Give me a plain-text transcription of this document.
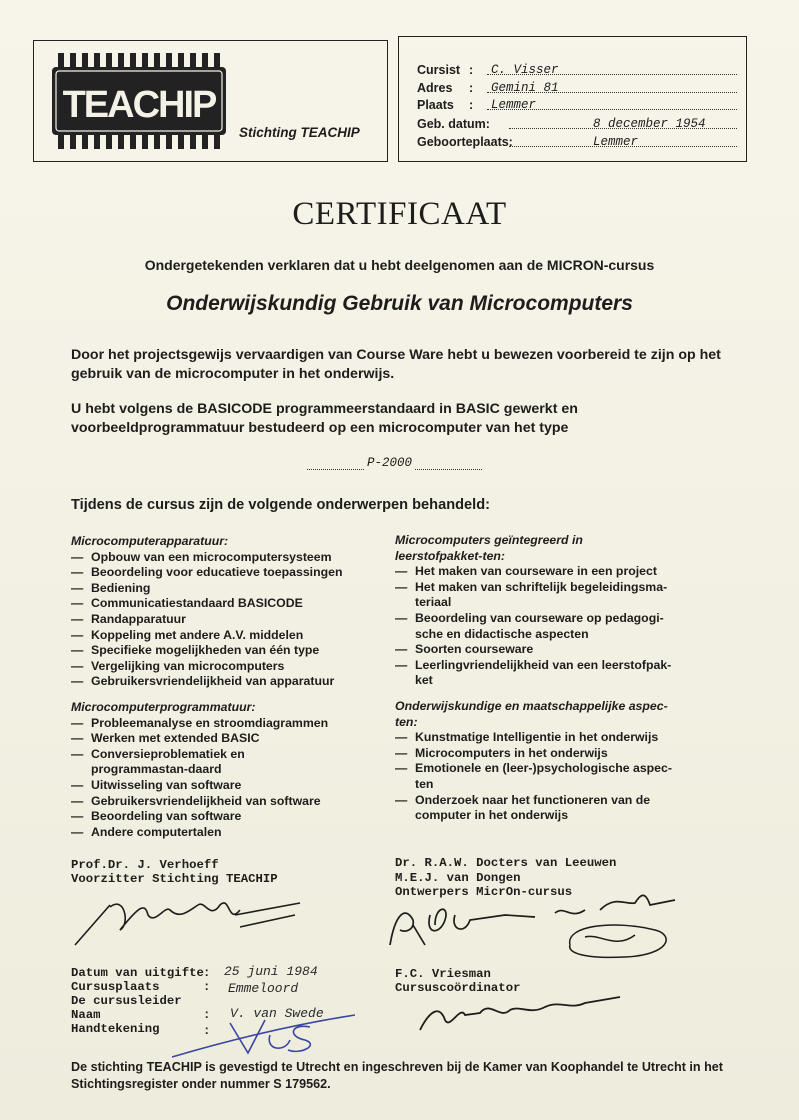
TEACHIP
Stichting TEACHIP
Cursist : C. Visser
Adres : Gemini 81
Plaats : Lemmer
Geb. datum:	8 december 1954
Geboorteplaats:	Lemmer
CERTIFICAAT
Ondergetekenden verklaren dat u hebt deelgenomen aan de MICRON-cursus
Onderwijskundig Gebruik van Microcomputers
Door het projectsgewijs vervaardigen van Course Ware hebt u bewezen voorbereid te zijn op het gebruik van de microcomputer in het onderwijs.
U hebt volgens de BASICODE programmeerstandaard in BASIC gewerkt en voorbeeldprogrammatuur bestudeerd op een microcomputer van het type
P-2000
Tijdens de cursus zijn de volgende onderwerpen behandeld:
Microcomputerapparatuur:
— Opbouw van een microcomputersysteem
— Beoordeling voor educatieve toepassingen
— Bediening
— Communicatiestandaard BASICODE
— Randapparatuur
— Koppeling met andere A.V. middelen
— Specifieke mogelijkheden van één type
— Vergelijking van microcomputers
— Gebruikersvriendelijkheid van apparatuur
Microcomputerprogrammatuur:
— Probleemanalyse en stroomdiagrammen
— Werken met extended BASIC
— Conversieproblematiek en programmastan-daard
— Uitwisseling van software
— Gebruikersvriendelijkheid van software
— Beoordeling van software
— Andere computertalen
Microcomputers geïntegreerd in leerstofpakket-ten:
— Het maken van courseware in een project
— Het maken van schriftelijk begeleidingsma-teriaal
— Beoordeling van courseware op pedagogi-sche en didactische aspecten
— Soorten courseware
— Leerlingvriendelijkheid van een leerstofpak-ket
Onderwijskundige en maatschappelijke aspec-ten:
— Kunstmatige Intelligentie in het onderwijs
— Microcomputers in het onderwijs
— Emotionele en (leer-)psychologische aspec-ten
— Onderzoek naar het functioneren van de computer in het onderwijs
Prof.Dr. J. Verhoeff
Voorzitter Stichting TEACHIP
Dr. R.A.W. Docters van Leeuwen
M.E.J. van Dongen
Ontwerpers MicrOn-cursus
F.C. Vriesman
Cursuscoördinator
Datum van uitgifte : 25 juni 1984
Cursusplaats	: Emmeloord
De cursusleider
Naam	: V. van Swede
Handtekening	:
De stichting TEACHIP is gevestigd te Utrecht en ingeschreven bij de Kamer van Koophandel te Utrecht in het Stichtingsregister onder nummer S 179562.
